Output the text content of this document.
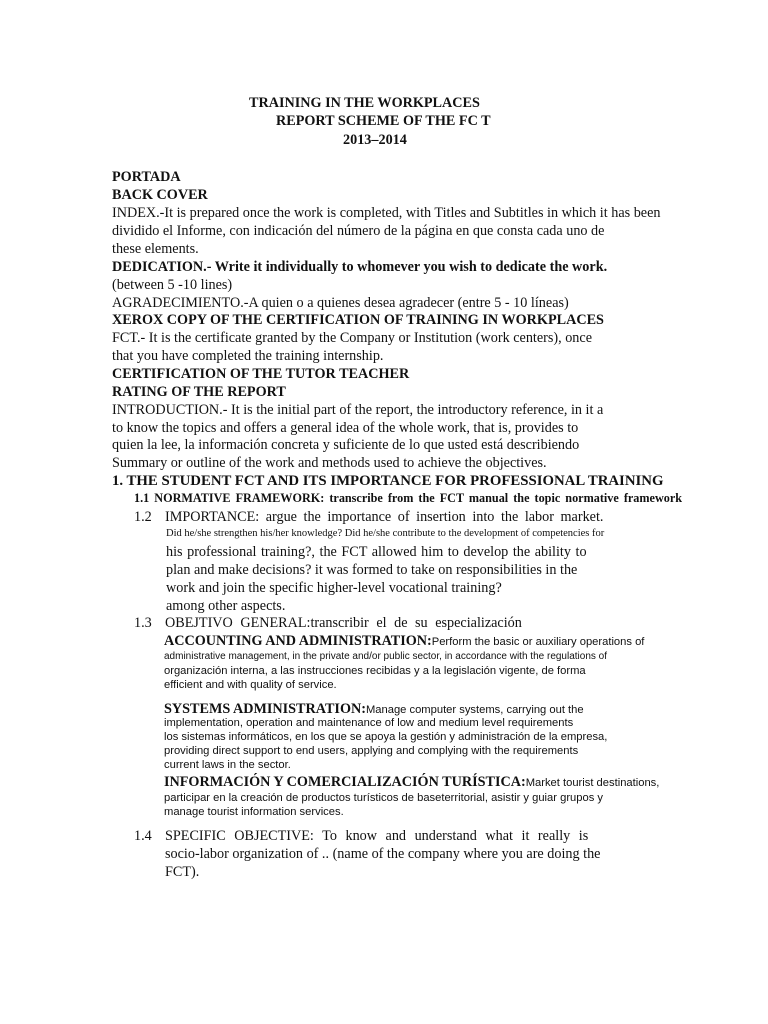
TRAINING IN THE WORKPLACES
REPORT SCHEME OF THE FC T
2013–2014
PORTADA
BACK COVER
INDEX.-It is prepared once the work is completed, with Titles and Subtitles in which it has been
dividido el Informe, con indicación del número de la página en que consta cada uno de
these elements.
DEDICATION.- Write it individually to whomever you wish to dedicate the work.
(between 5 -10 lines)
AGRADECIMIENTO.-A quien o a quienes desea agradecer (entre 5 - 10 líneas)
XEROX COPY OF THE CERTIFICATION OF TRAINING IN WORKPLACES
FCT.- It is the certificate granted by the Company or Institution (work centers), once
that you have completed the training internship.
CERTIFICATION OF THE TUTOR TEACHER
RATING OF THE REPORT
INTRODUCTION.- It is the initial part of the report, the introductory reference, in it a
to know the topics and offers a general idea of the whole work, that is, provides to
quien la lee, la información concreta y suficiente de lo que usted está describiendo
Summary or outline of the work and methods used to achieve the objectives.
1. THE STUDENT FCT AND ITS IMPORTANCE FOR PROFESSIONAL TRAINING
1.1 NORMATIVE FRAMEWORK: transcribe from the FCT manual the topic normative framework
1.2 IMPORTANCE: argue the importance of insertion into the labor market.
Did he/she strengthen his/her knowledge? Did he/she contribute to the development of competencies for
his professional training?, the FCT allowed him to develop the ability to
plan and make decisions? it was formed to take on responsibilities in the
work and join the specific higher-level vocational training?
among other aspects.
1.3 OBEJTIVO GENERAL:transcribir el de su especialización
ACCOUNTING AND ADMINISTRATION:Perform the basic or auxiliary operations of
administrative management, in the private and/or public sector, in accordance with the regulations of
organización interna, a las instrucciones recibidas y a la legislación vigente, de forma
efficient and with quality of service.
SYSTEMS ADMINISTRATION:Manage computer systems, carrying out the
implementation, operation and maintenance of low and medium level requirements
los sistemas informáticos, en los que se apoya la gestión y administración de la empresa,
providing direct support to end users, applying and complying with the requirements
current laws in the sector.
INFORMACIÓN Y COMERCIALIZACIÓN TURÍSTICA:Market tourist destinations,
participar en la creación de productos turísticos de baseterritorial, asistir y guiar grupos y
manage tourist information services.
1.4 SPECIFIC OBJECTIVE: To know and understand what it really is
socio-labor organization of .. (name of the company where you are doing the
FCT).
